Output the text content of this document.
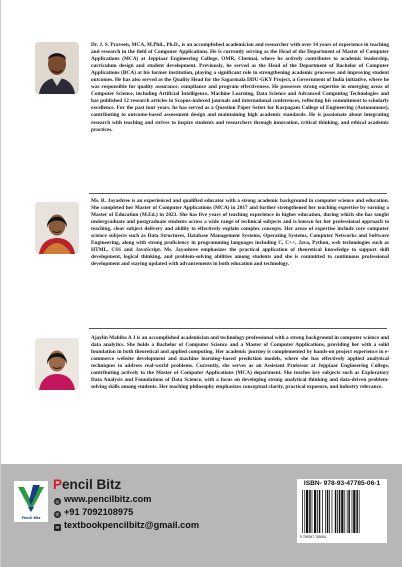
Dr. J. S. Praveen, MCA, M.Phil., Ph.D., is an accomplished academician and researcher with over 14 years of experience in teaching and research in the field of Computer Applications. He is currently serving as the Head of the Department of Master of Computer Applications (MCA) at Jeppiaar Engineering College, OMR, Chennai, where he actively contributes to academic leadership, curriculum design and student development. Previously, he served as the Head of the Department of Bachelor of Computer Applications (BCA) at his former institution, playing a significant role in strengthening academic processes and improving student outcomes. He has also served as the Quality Head for the Sagarmala DDU-GKY Project, a Government of India initiative, where he was responsible for quality assurance, compliance and program effectiveness. He possesses strong expertise in emerging areas of Computer Science, including Artificial Intelligence, Machine Learning, Data Science and Advanced Computing Technologies and has published 12 research articles in Scopus-indexed journals and international conferences, reflecting his commitment to scholarly excellence. For the past four years, he has served as a Question Paper Setter for Karpagam College of Engineering (Autonomous), contributing to outcome-based assessment design and maintaining high academic standards. He is passionate about integrating research with teaching and strives to inspire students and researchers through innovation, critical thinking, and ethical academic practices.

Ms. R. Jayashree is an experienced and qualified educator with a strong academic background in computer science and education. She completed her Master of Computer Applications (MCA) in 2017 and further strengthened her teaching expertise by earning a Master of Education (M.Ed.) in 2023. She has five years of teaching experience in higher education, during which she has taught undergraduate and postgraduate students across a wide range of technical subjects and is known for her professional approach to teaching, clear subject delivery and ability to effectively explain complex concepts. Her areas of expertise include core computer science subjects such as Data Structures, Database Management Systems, Operating Systems, Computer Networks and Software Engineering, along with strong proficiency in programming languages including C, C++, Java, Python, web technologies such as HTML, CSS and JavaScript. Ms. Jayashree emphasizes the practical application of theoretical knowledge to support skill development, logical thinking, and problem-solving abilities among students and she is committed to continuous professional development and staying updated with advancements in both education and technology.

Ajaylin Mahiba A J is an accomplished academician and technology professional with a strong background in computer science and data analytics. She holds a Bachelor of Computer Science and a Master of Computer Applications, providing her with a solid foundation in both theoretical and applied computing. Her academic journey is complemented by hands-on project experience in e-commerce website development and machine learning–based prediction models, where she has effectively applied analytical techniques to address real-world problems. Currently, she serves as an Assistant Professor at Jeppiaar Engineering College, contributing actively to the Master of Computer Applications (MCA) department. She teaches key subjects such as Exploratory Data Analysis and Foundations of Data Science, with a focus on developing strong analytical thinking and data-driven problem-solving skills among students. Her teaching philosophy emphasizes conceptual clarity, practical exposure, and industry relevance.

Pencil Bitz
Pencil Bitz
◎ www.pencilbitz.com
✆ +91 7092108975
✉ textbookpencilbitz@gmail.com
ISBN- 978-93-47785-06-1
9 789347 785061
